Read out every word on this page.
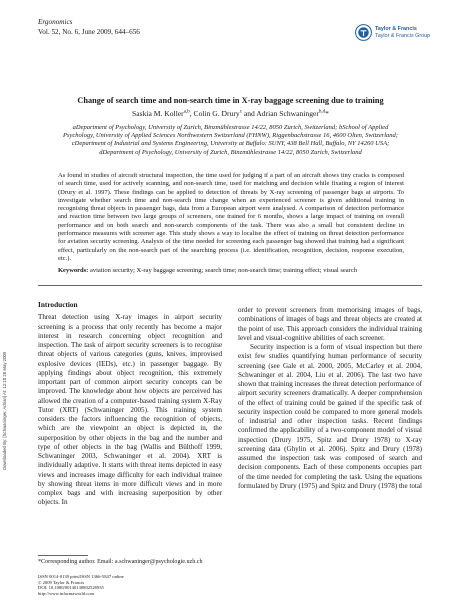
Ergonomics
Vol. 52, No. 6, June 2009, 644–656	Taylor & Francis
Taylor & Francis Group
Downloaded By: [Schwaninger, Adrian] At: 12:10 28 May 2009
Change of search time and non-search time in X-ray baggage screening due to training
Saskia M. Koller$^{a,b}$, Colin G. Drury$^c$ and Adrian Schwaninger$^{b,d}$*
aDepartment of Psychology, University of Zurich, Binzmühlestrasse 14/22, 8050 Zurich, Switzerland; bSchool of Applied
Psychology, University of Applied Sciences Northwestern Switzerland (FHNW), Riggenbachstrasse 16, 4600 Olten, Switzerland;
cDepartment of Industrial and Systems Engineering, University at Buffalo: SUNY, 438 Bell Hall, Buffalo, NY 14260 USA;
dDepartment of Psychology, University of Zurich, Binzmühlestrasse 14/22, 8050 Zurich, Switzerland
As found in studies of aircraft structural inspection, the time used for judging if a part of an aircraft shows tiny cracks is composed of search time, used for actively scanning, and non-search time, used for matching and decision while fixating a region of interest (Drury et al. 1997). These findings can be applied to detection of threats by X-ray screening of passenger bags at airports. To investigate whether search time and non-search time change when an experienced screener is given additional training in recognising threat objects in passenger bags, data from a European airport were analysed. A comparison of detection performance and reaction time between two large groups of screeners, one trained for 6 months, shows a large impact of training on overall performance and on both search and non-search components of the task. There was also a small but consistent decline in performance measures with screener age. This study shows a way to localise the effect of training on threat detection performance for aviation security screening. Analysis of the time needed for screening each passenger bag showed that training had a significant effect, particularly on the non-search part of the searching process (i.e. identification, recognition, decision, response execution, etc.).
Keywords: aviation security; X-ray baggage screening; search time; non-search time; training effect; visual search
Introduction

Threat detection using X-ray images in airport security screening is a process that only recently has become a major interest in research concerning object recognition and inspection. The task of airport security screeners is to recognise threat objects of various categories (guns, knives, improvised explosive devices (IEDs), etc.) in passenger baggage. By applying findings about object recognition, this extremely important part of common airport security concepts can be improved. The knowledge about how objects are perceived has allowed the creation of a computer-based training system X-Ray Tutor (XRT) (Schwaninger 2005). This training system considers the factors influencing the recognition of objects, which are the viewpoint an object is depicted in, the superposition by other objects in the bag and the number and type of other objects in the bag (Wallis and Bülthoff 1999, Schwaninger 2003, Schwaninger et al. 2004). XRT is individually adaptive. It starts with threat items depicted in easy views and increases image difficulty for each individual trainee by showing threat items in more difficult views and in more complex bags and with increasing superposition by other objects. In

order to prevent screeners from memorising images of bags, combinations of images of bags and threat objects are created at the point of use. This approach considers the individual training level and visual-cognitive abilities of each screener.

Security inspection is a form of visual inspection but there exist few studies quantifying human performance of security screening (see Gale et al. 2000, 2005, McCarley et al. 2004, Schwaninger et al. 2004, Liu et al. 2006). The last two have shown that training increases the threat detection performance of airport security screeners dramatically. A deeper comprehension of the effect of training could be gained if the specific task of security inspection could be compared to more general models of industrial and other inspection tasks. Recent findings confirmed the applicability of a two-component model of visual inspection (Drury 1975, Spitz and Drury 1978) to X-ray screening data (Ghylin et al. 2006). Spitz and Drury (1978) assumed the inspection task was composed of search and decision components. Each of these components occupies part of the time needed for completing the task. Using the equations formulated by Drury (1975) and Spitz and Drury (1978) the total

*Corresponding author. Email: a.schwaninger@psychologie.uzh.ch
ISSN 0014-0139 print/ISSN 1366-5847 online
© 2009 Taylor & Francis
DOI: 10.1080/00140130802526935
http://www.informaworld.com
